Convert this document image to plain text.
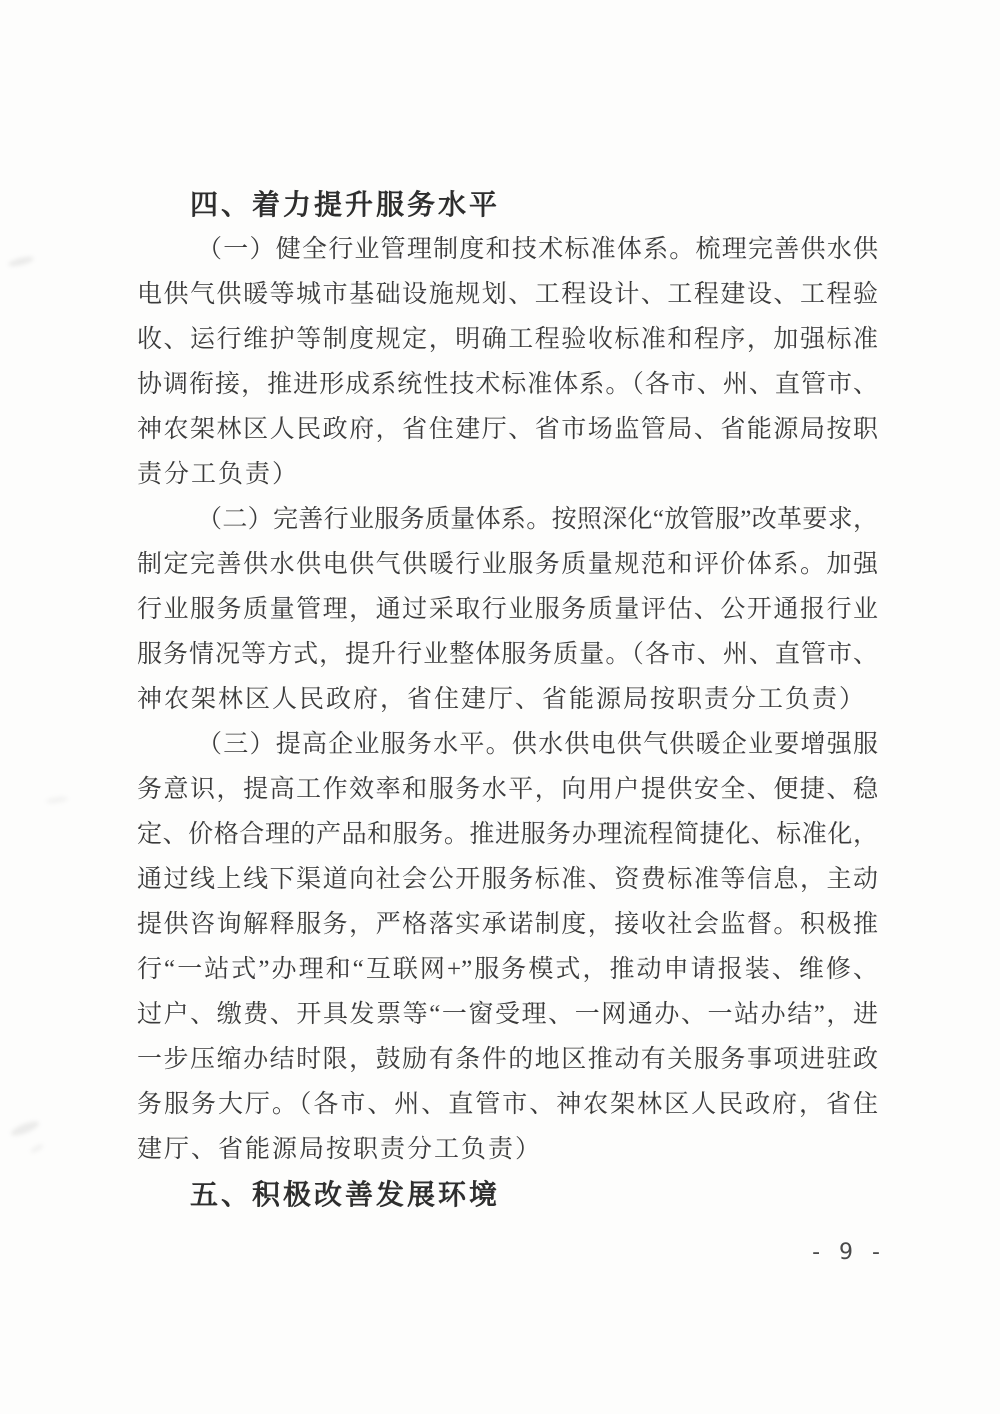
四、着力提升服务水平
（一）健全行业管理制度和技术标准体系。梳理完善供水供
电供气供暖等城市基础设施规划、工程设计、工程建设、工程验
收、运行维护等制度规定，明确工程验收标准和程序，加强标准
协调衔接，推进形成系统性技术标准体系。（各市、州、直管市、
神农架林区人民政府，省住建厅、省市场监管局、省能源局按职
责分工负责）
（二）完善行业服务质量体系。按照深化“放管服”改革要求，
制定完善供水供电供气供暖行业服务质量规范和评价体系。加强
行业服务质量管理，通过采取行业服务质量评估、公开通报行业
服务情况等方式，提升行业整体服务质量。（各市、州、直管市、
神农架林区人民政府，省住建厅、省能源局按职责分工负责）
（三）提高企业服务水平。供水供电供气供暖企业要增强服
务意识，提高工作效率和服务水平，向用户提供安全、便捷、稳
定、价格合理的产品和服务。推进服务办理流程简捷化、标准化，
通过线上线下渠道向社会公开服务标准、资费标准等信息，主动
提供咨询解释服务，严格落实承诺制度，接收社会监督。积极推
行“一站式”办理和“互联网+”服务模式，推动申请报装、维修、
过户、缴费、开具发票等“一窗受理、一网通办、一站办结”，进
一步压缩办结时限，鼓励有条件的地区推动有关服务事项进驻政
务服务大厅。（各市、州、直管市、神农架林区人民政府，省住
建厅、省能源局按职责分工负责）
五、积极改善发展环境
- 9 -
